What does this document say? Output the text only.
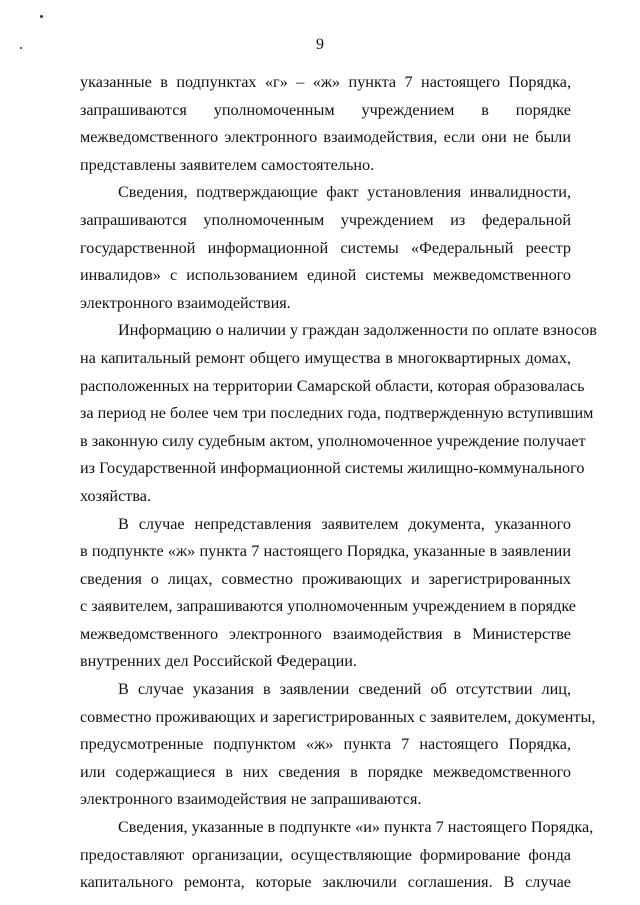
9
указанные в подпунктах «г» – «ж» пункта 7 настоящего Порядка,
запрашиваются уполномоченным учреждением в порядке
межведомственного электронного взаимодействия, если они не были
представлены заявителем самостоятельно.
Сведения, подтверждающие факт установления инвалидности,
запрашиваются уполномоченным учреждением из федеральной
государственной информационной системы «Федеральный реестр
инвалидов» с использованием единой системы межведомственного
электронного взаимодействия.
Информацию о наличии у граждан задолженности по оплате взносов
на капитальный ремонт общего имущества в многоквартирных домах,
расположенных на территории Самарской области, которая образовалась
за период не более чем три последних года, подтвержденную вступившим
в законную силу судебным актом, уполномоченное учреждение получает
из Государственной информационной системы жилищно-коммунального
хозяйства.
В случае непредставления заявителем документа, указанного
в подпункте «ж» пункта 7 настоящего Порядка, указанные в заявлении
сведения о лицах, совместно проживающих и зарегистрированных
с заявителем, запрашиваются уполномоченным учреждением в порядке
межведомственного электронного взаимодействия в Министерстве
внутренних дел Российской Федерации.
В случае указания в заявлении сведений об отсутствии лиц,
совместно проживающих и зарегистрированных с заявителем, документы,
предусмотренные подпунктом «ж» пункта 7 настоящего Порядка,
или содержащиеся в них сведения в порядке межведомственного
электронного взаимодействия не запрашиваются.
Сведения, указанные в подпункте «и» пункта 7 настоящего Порядка,
предоставляют организации, осуществляющие формирование фонда
капитального ремонта, которые заключили соглашения. В случае
